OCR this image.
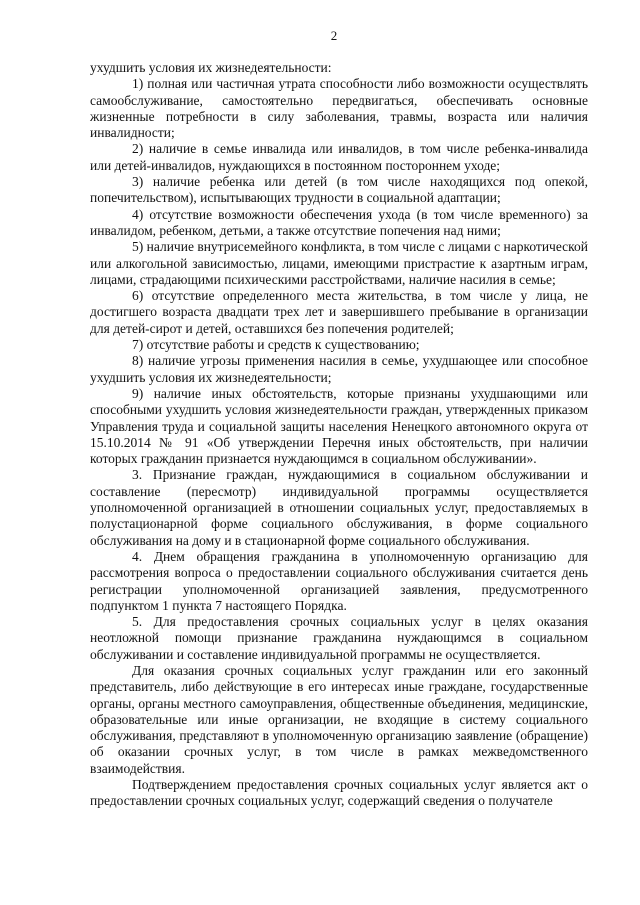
2

ухудшить условия их жизнедеятельности:

1) полная или частичная утрата способности либо возможности осуществлять самообслуживание, самостоятельно передвигаться, обеспечивать основные жизненные потребности в силу заболевания, травмы, возраста или наличия инвалидности;

2) наличие в семье инвалида или инвалидов, в том числе ребенка-инвалида или детей-инвалидов, нуждающихся в постоянном постороннем уходе;

3) наличие ребенка или детей (в том числе находящихся под опекой, попечительством), испытывающих трудности в социальной адаптации;

4) отсутствие возможности обеспечения ухода (в том числе временного) за инвалидом, ребенком, детьми, а также отсутствие попечения над ними;

5) наличие внутрисемейного конфликта, в том числе с лицами с наркотической или алкогольной зависимостью, лицами, имеющими пристрастие к азартным играм, лицами, страдающими психическими расстройствами, наличие насилия в семье;

6) отсутствие определенного места жительства, в том числе у лица, не достигшего возраста двадцати трех лет и завершившего пребывание в организации для детей-сирот и детей, оставшихся без попечения родителей;

7) отсутствие работы и средств к существованию;

8) наличие угрозы применения насилия в семье, ухудшающее или способное ухудшить условия их жизнедеятельности;

9) наличие иных обстоятельств, которые признаны ухудшающими или способными ухудшить условия жизнедеятельности граждан, утвержденных приказом Управления труда и социальной защиты населения Ненецкого автономного округа от 15.10.2014 № 91 «Об утверждении Перечня иных обстоятельств, при наличии которых гражданин признается нуждающимся в социальном обслуживании».

3. Признание граждан, нуждающимися в социальном обслуживании и составление (пересмотр) индивидуальной программы осуществляется уполномоченной организацией в отношении социальных услуг, предоставляемых в полустационарной форме социального обслуживания, в форме социального обслуживания на дому и в стационарной форме социального обслуживания.

4. Днем обращения гражданина в уполномоченную организацию для рассмотрения вопроса о предоставлении социального обслуживания считается день регистрации уполномоченной организацией заявления, предусмотренного подпунктом 1 пункта 7 настоящего Порядка.

5. Для предоставления срочных социальных услуг в целях оказания неотложной помощи признание гражданина нуждающимся в социальном обслуживании и составление индивидуальной программы не осуществляется.

Для оказания срочных социальных услуг гражданин или его законный представитель, либо действующие в его интересах иные граждане, государственные органы, органы местного самоуправления, общественные объединения, медицинские, образовательные или иные организации, не входящие в систему социального обслуживания, представляют в уполномоченную организацию заявление (обращение) об оказании срочных услуг, в том числе в рамках межведомственного взаимодействия.

Подтверждением предоставления срочных социальных услуг является акт о предоставлении срочных социальных услуг, содержащий сведения о получателе
